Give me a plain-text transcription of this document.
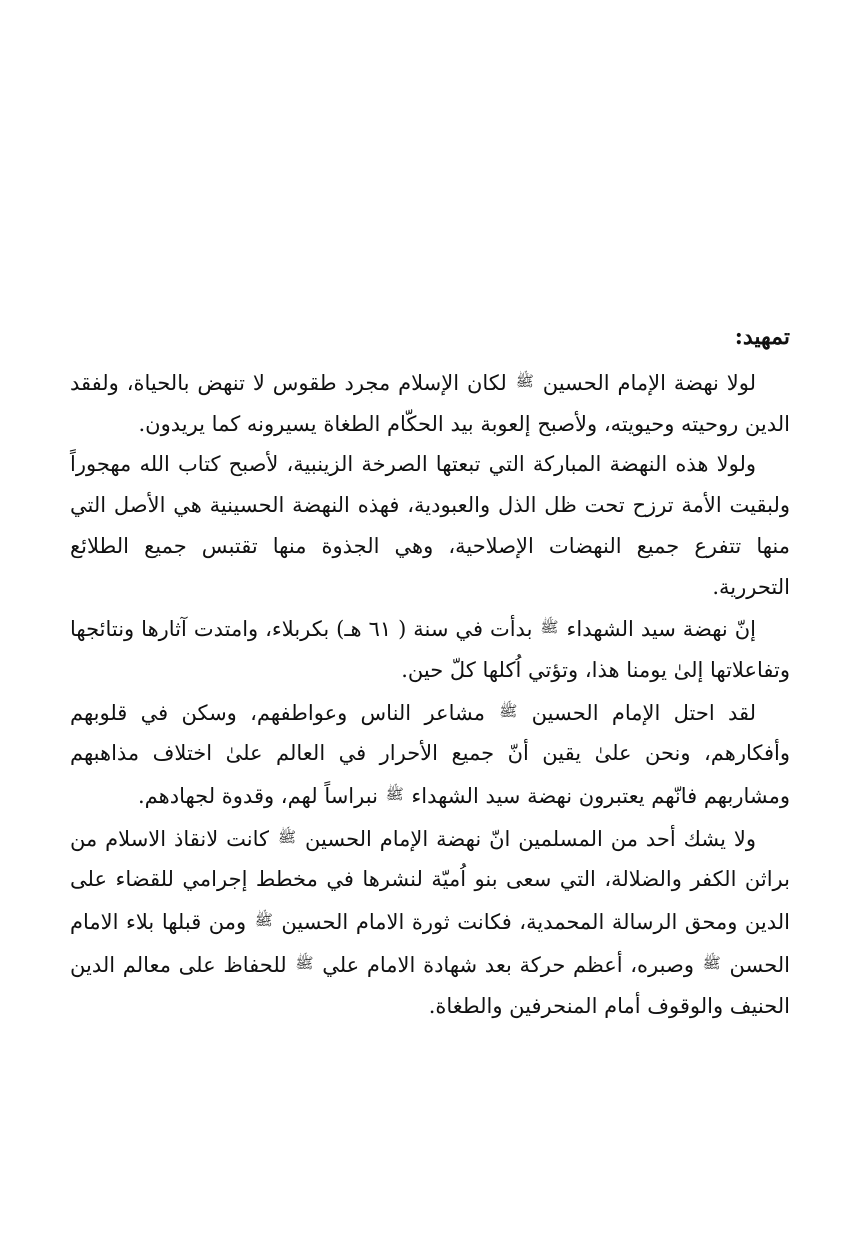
تمهيد:

لولا نهضة الإمام الحسين ﷺ لكان الإسلام مجرد طقوس لا تنهض بالحياة، ولفقد الدين روحيته وحيويته، ولأصبح إلعوبة بيد الحكّام الطغاة يسيرونه كما يريدون.

ولولا هذه النهضة المباركة التي تبعتها الصرخة الزينبية، لأصبح كتاب الله مهجوراً ولبقيت الأمة ترزح تحت ظل الذل والعبودية، فهذه النهضة الحسينية هي الأصل التي منها تتفرع جميع النهضات الإصلاحية، وهي الجذوة منها تقتبس جميع الطلائع التحررية.

إنّ نهضة سيد الشهداء ﷺ بدأت في سنة ( ٦١ هـ) بكربلاء، وامتدت آثارها ونتائجها وتفاعلاتها إلىٰ يومنا هذا، وتؤتي اُكلها كلّ حين.

لقد احتل الإمام الحسين ﷺ مشاعر الناس وعواطفهم، وسكن في قلوبهم وأفكارهم، ونحن علىٰ يقين أنّ جميع الأحرار في العالم علىٰ اختلاف مذاهبهم ومشاربهم فانّهم يعتبرون نهضة سيد الشهداء ﷺ نبراساً لهم، وقدوة لجهادهم.

ولا يشك أحد من المسلمين انّ نهضة الإمام الحسين ﷺ كانت لانقاذ الاسلام من براثن الكفر والضلالة، التي سعى بنو اُميّة لنشرها في مخطط إجرامي للقضاء على الدين ومحق الرسالة المحمدية، فكانت ثورة الامام الحسين ﷺ ومن قبلها بلاء الامام الحسن ﷺ وصبره، أعظم حركة بعد شهادة الامام علي ﷺ للحفاظ على معالم الدين الحنيف والوقوف أمام المنحرفين والطغاة.
